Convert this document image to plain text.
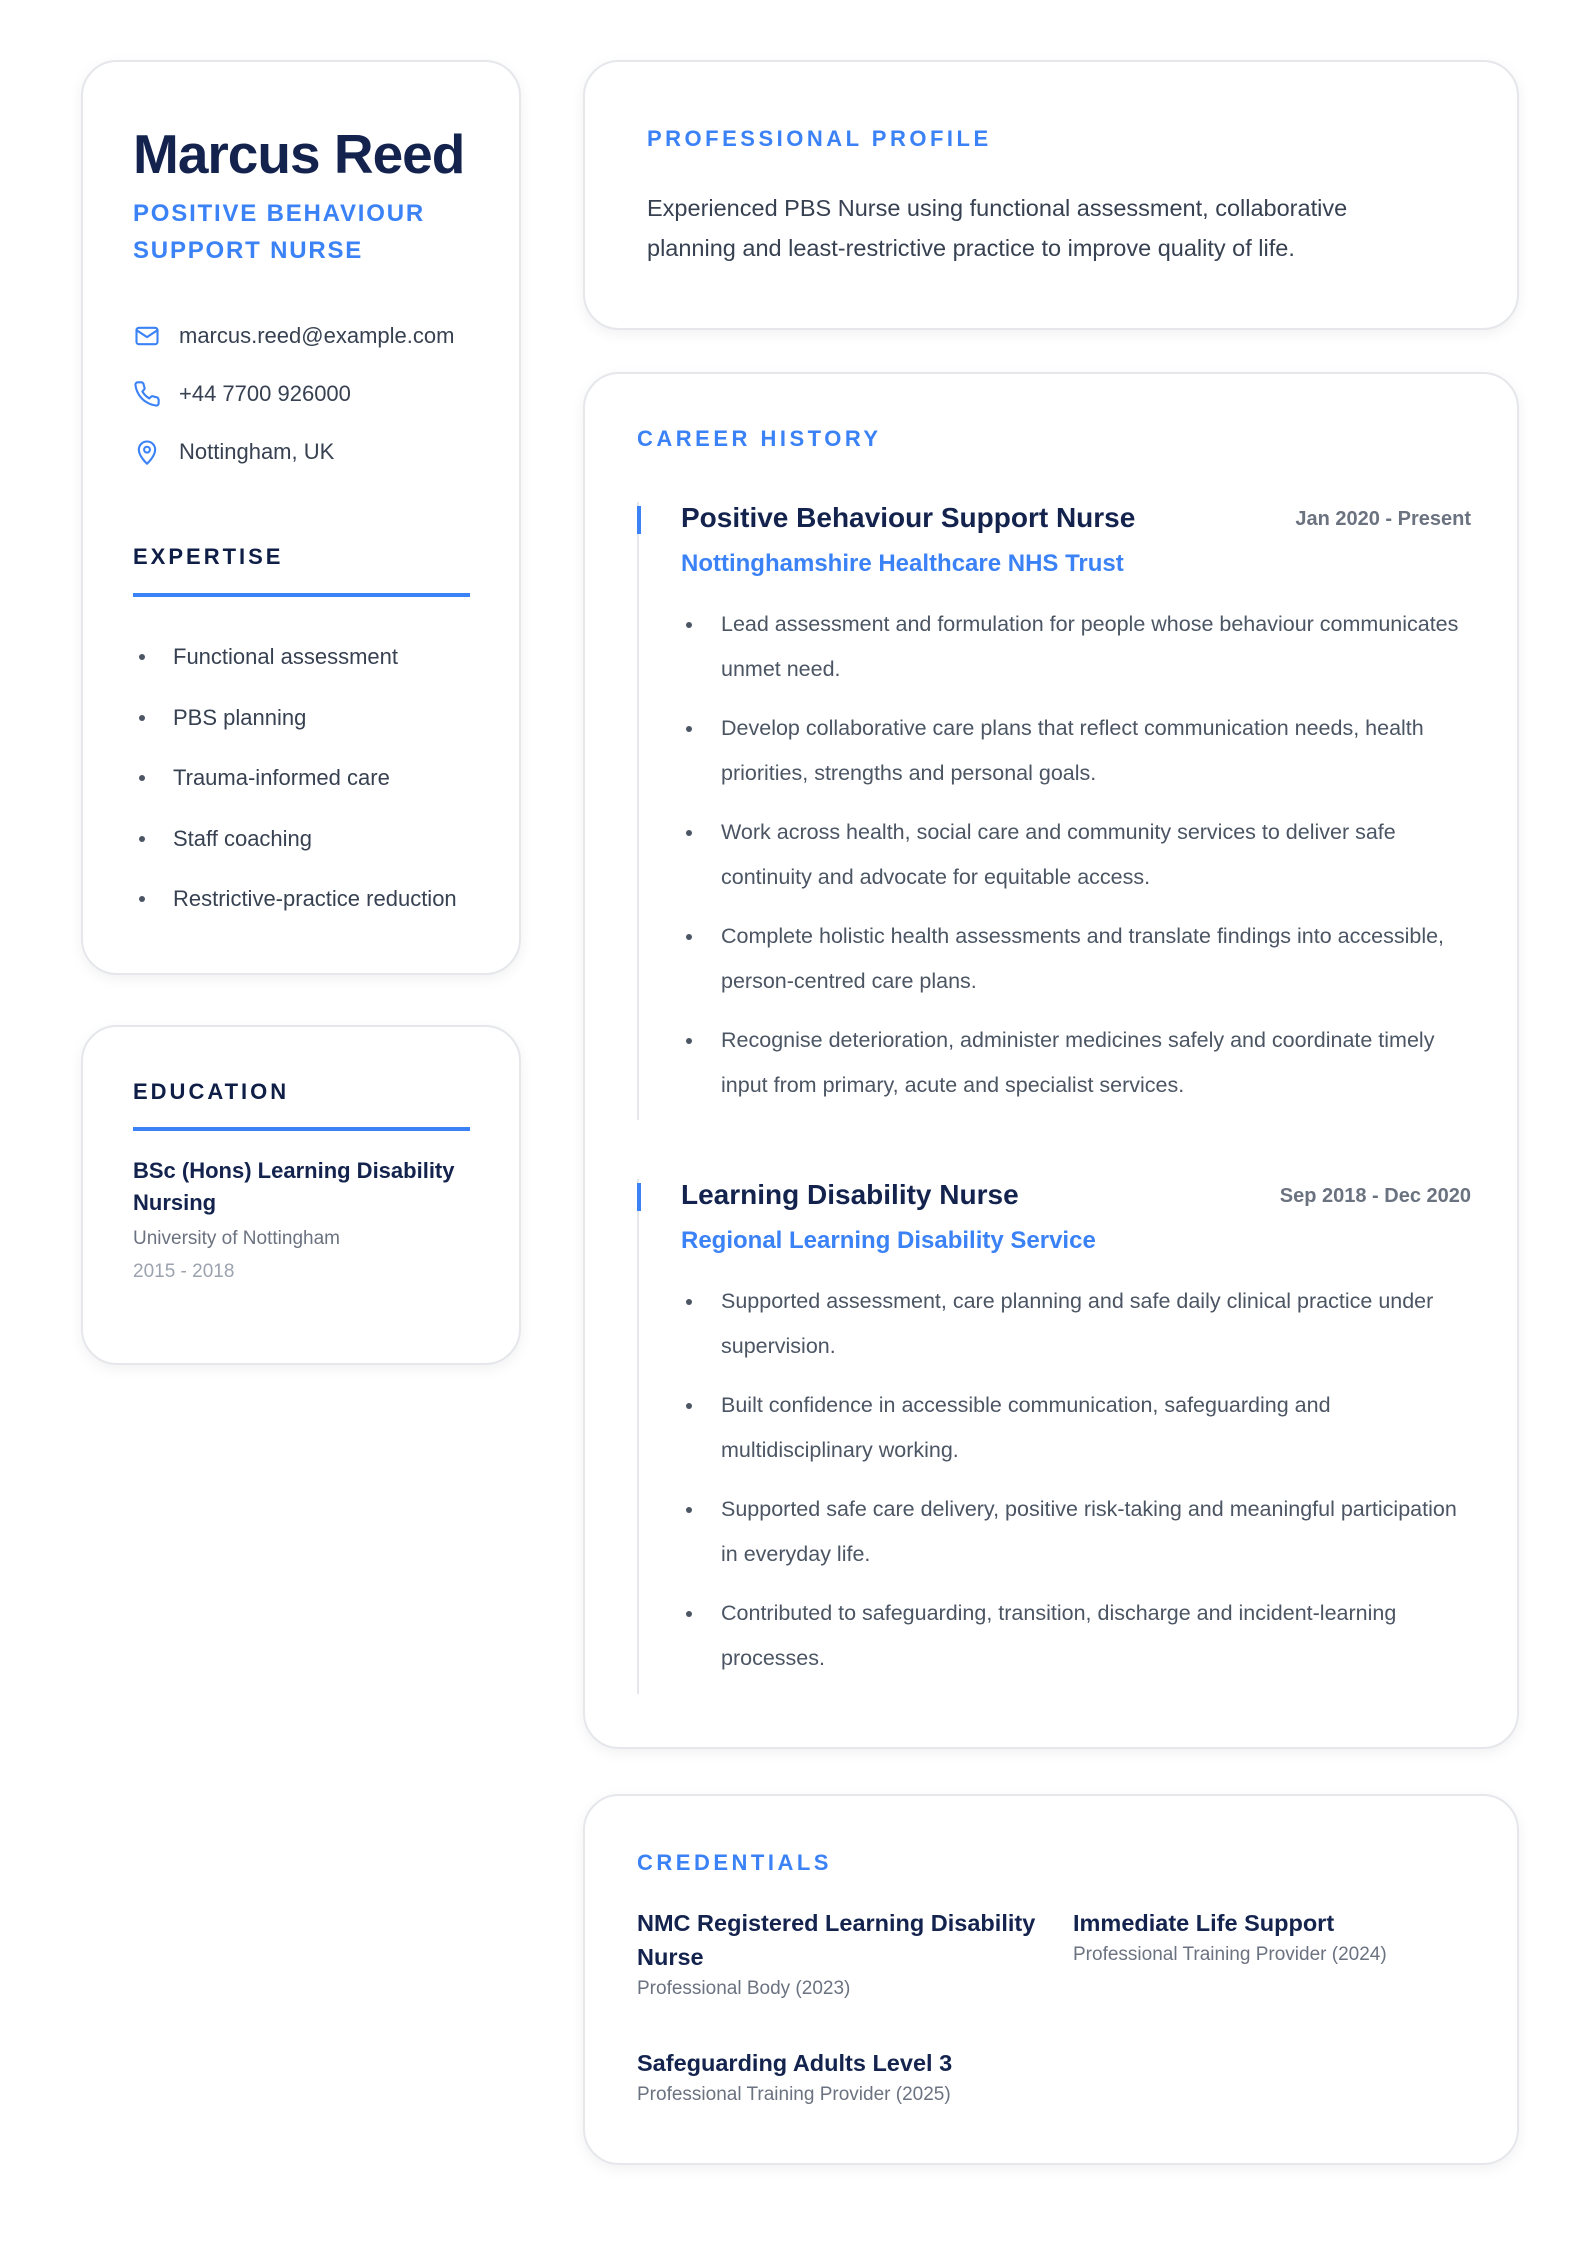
Marcus Reed
POSITIVE BEHAVIOUR SUPPORT NURSE
marcus.reed@example.com
+44 7700 926000
Nottingham, UK
EXPERTISE
Functional assessment
PBS planning
Trauma-informed care
Staff coaching
Restrictive-practice reduction
EDUCATION
BSc (Hons) Learning Disability Nursing
University of Nottingham
2015 - 2018
PROFESSIONAL PROFILE
Experienced PBS Nurse using functional assessment, collaborative planning and least-restrictive practice to improve quality of life.
CAREER HISTORY
Positive Behaviour Support Nurse	Jan 2020 - Present
Nottinghamshire Healthcare NHS Trust
Lead assessment and formulation for people whose behaviour communicates unmet need.
Develop collaborative care plans that reflect communication needs, health priorities, strengths and personal goals.
Work across health, social care and community services to deliver safe continuity and advocate for equitable access.
Complete holistic health assessments and translate findings into accessible, person-centred care plans.
Recognise deterioration, administer medicines safely and coordinate timely input from primary, acute and specialist services.
Learning Disability Nurse	Sep 2018 - Dec 2020
Regional Learning Disability Service
Supported assessment, care planning and safe daily clinical practice under supervision.
Built confidence in accessible communication, safeguarding and multidisciplinary working.
Supported safe care delivery, positive risk-taking and meaningful participation in everyday life.
Contributed to safeguarding, transition, discharge and incident-learning processes.
CREDENTIALS
NMC Registered Learning Disability Nurse
Professional Body (2023)
Immediate Life Support
Professional Training Provider (2024)
Safeguarding Adults Level 3
Professional Training Provider (2025)
